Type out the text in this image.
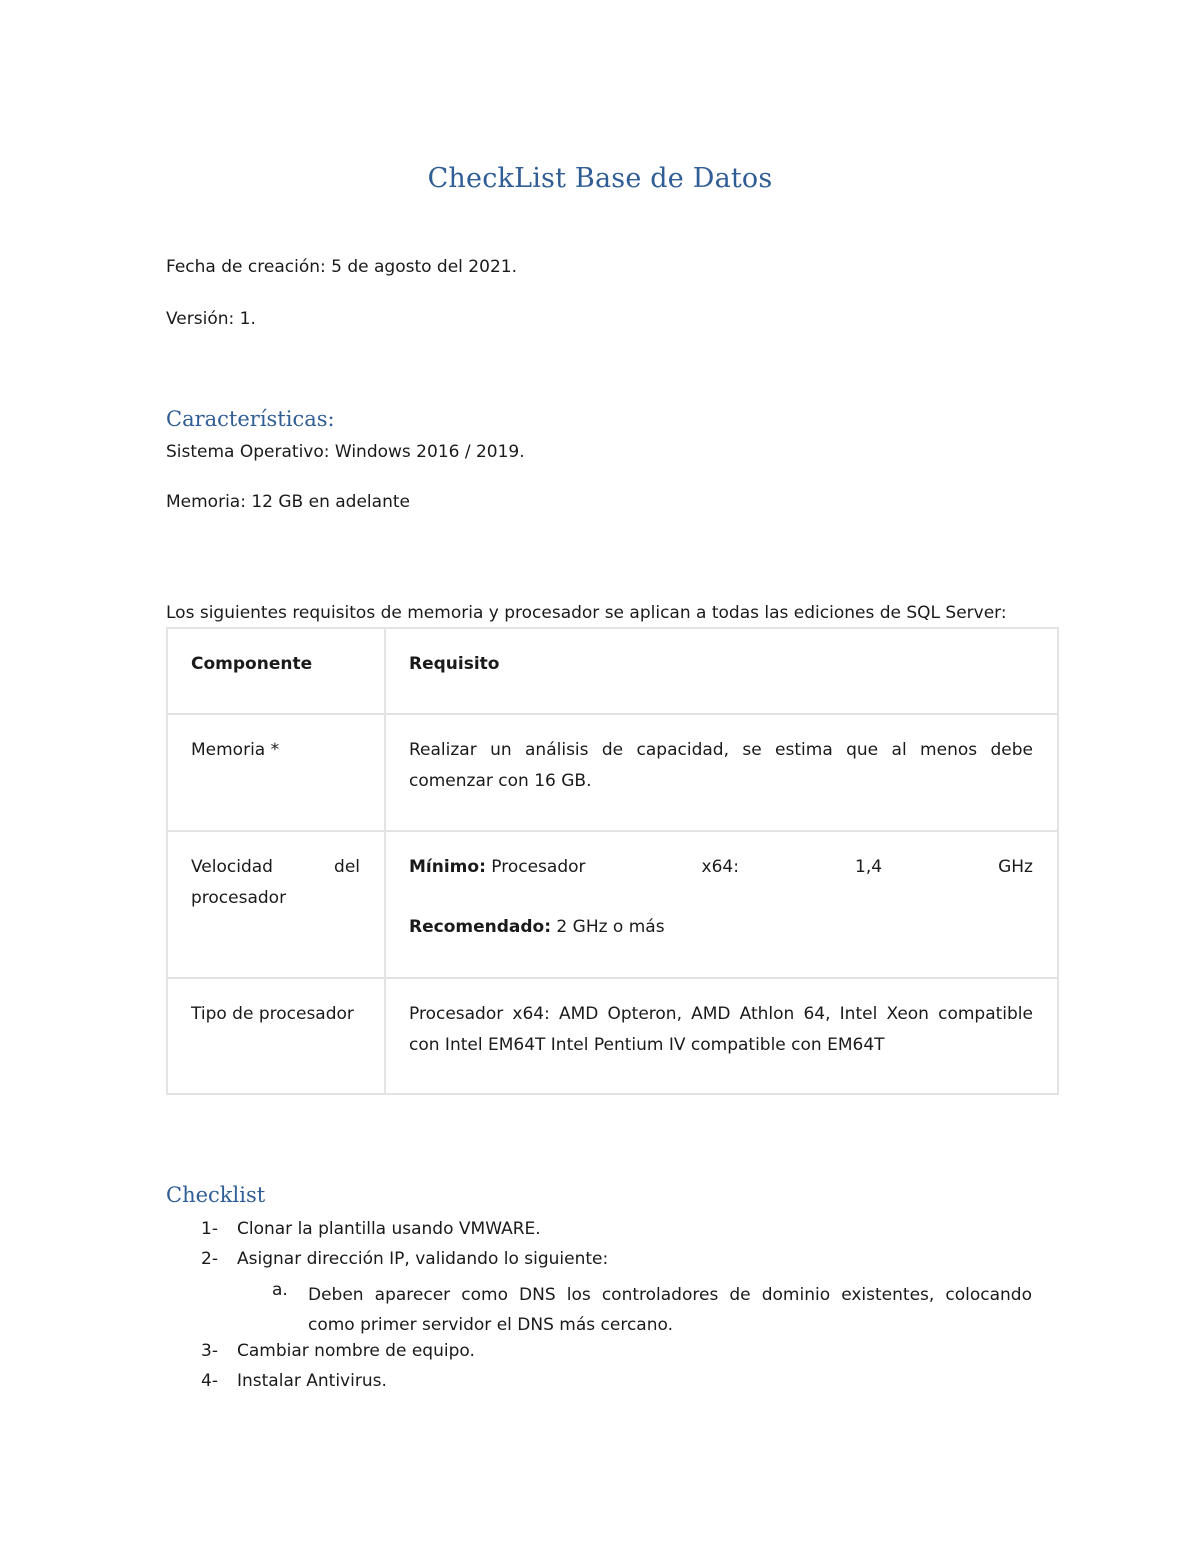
CheckList Base de Datos
Fecha de creación: 5 de agosto del 2021.
Versión: 1.
Características:
Sistema Operativo: Windows 2016 / 2019.
Memoria: 12 GB en adelante
Los siguientes requisitos de memoria y procesador se aplican a todas las ediciones de SQL Server:
Componente	Requisito
Memoria *	Realizar un análisis de capacidad, se estima que al menos debe comenzar con 16 GB.
Velocidad del procesador	Mínimo: Procesador x64: 1,4 GHz
Recomendado: 2 GHz o más

Tipo de procesador	Procesador x64: AMD Opteron, AMD Athlon 64, Intel Xeon compatible con Intel EM64T Intel Pentium IV compatible con EM64T
Checklist
1- Clonar la plantilla usando VMWARE.
2- Asignar dirección IP, validando lo siguiente:
a. Deben aparecer como DNS los controladores de dominio existentes, colocando como primer servidor el DNS más cercano.
3- Cambiar nombre de equipo.
4- Instalar Antivirus.
